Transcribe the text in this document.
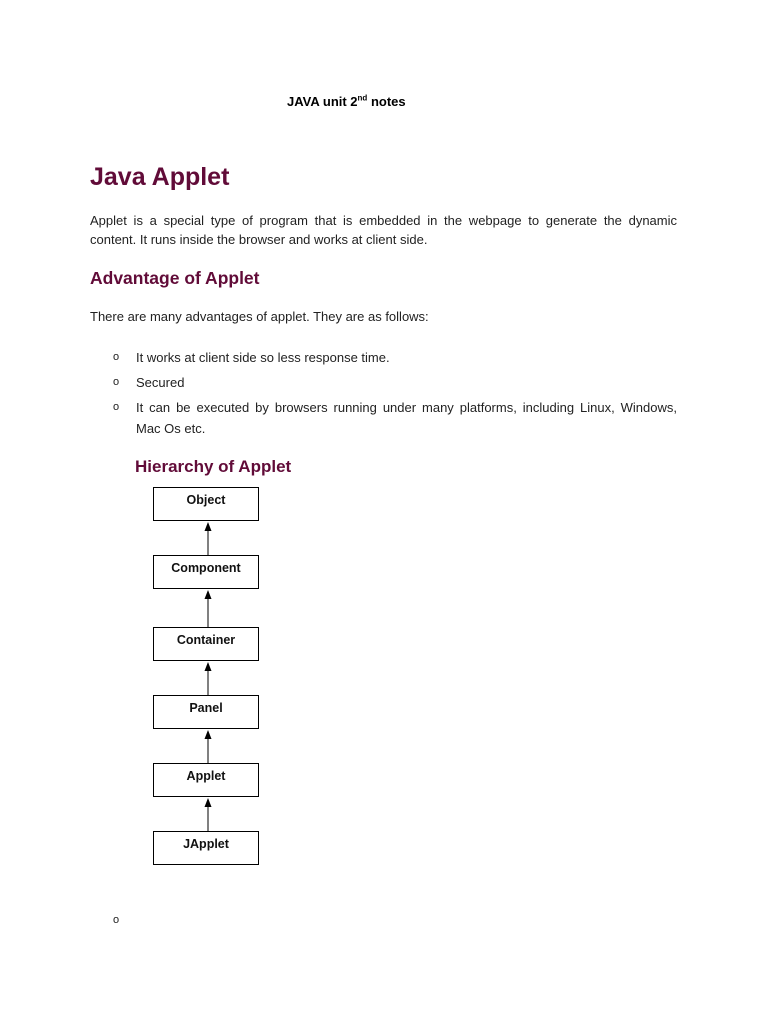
JAVA unit 2nd notes
Java Applet

Applet is a special type of program that is embedded in the webpage to generate the dynamic content. It runs inside the browser and works at client side.

Advantage of Applet

There are many advantages of applet. They are as follows:

o It works at client side so less response time.
o Secured
o It can be executed by browsers running under many platforms, including Linux, Windows, Mac Os etc.
Hierarchy of Applet
Object
Component
Container
Panel
Applet
JApplet
o
